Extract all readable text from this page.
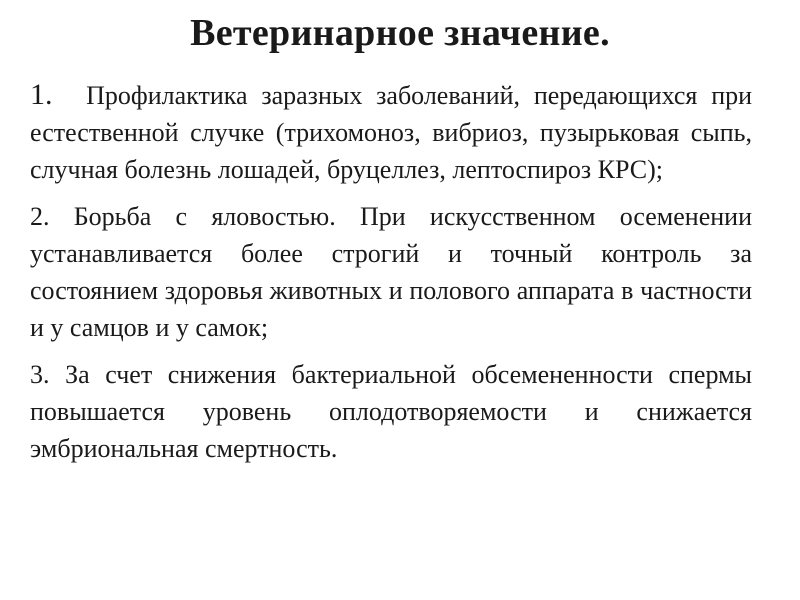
Ветеринарное значение.

1. Профилактика заразных заболеваний, передающихся при естественной случке (трихомоноз, вибриоз, пузырьковая сыпь, случная болезнь лошадей, бруцеллез, лептоспироз КРС);

2. Борьба с яловостью. При искусственном осеменении устанавливается более строгий и точный контроль за состоянием здоровья животных и полового аппарата в частности и у самцов и у самок;

3. За счет снижения бактериальной обсемененности спермы повышается уровень оплодотворяемости и снижается эмбриональная смертность.
